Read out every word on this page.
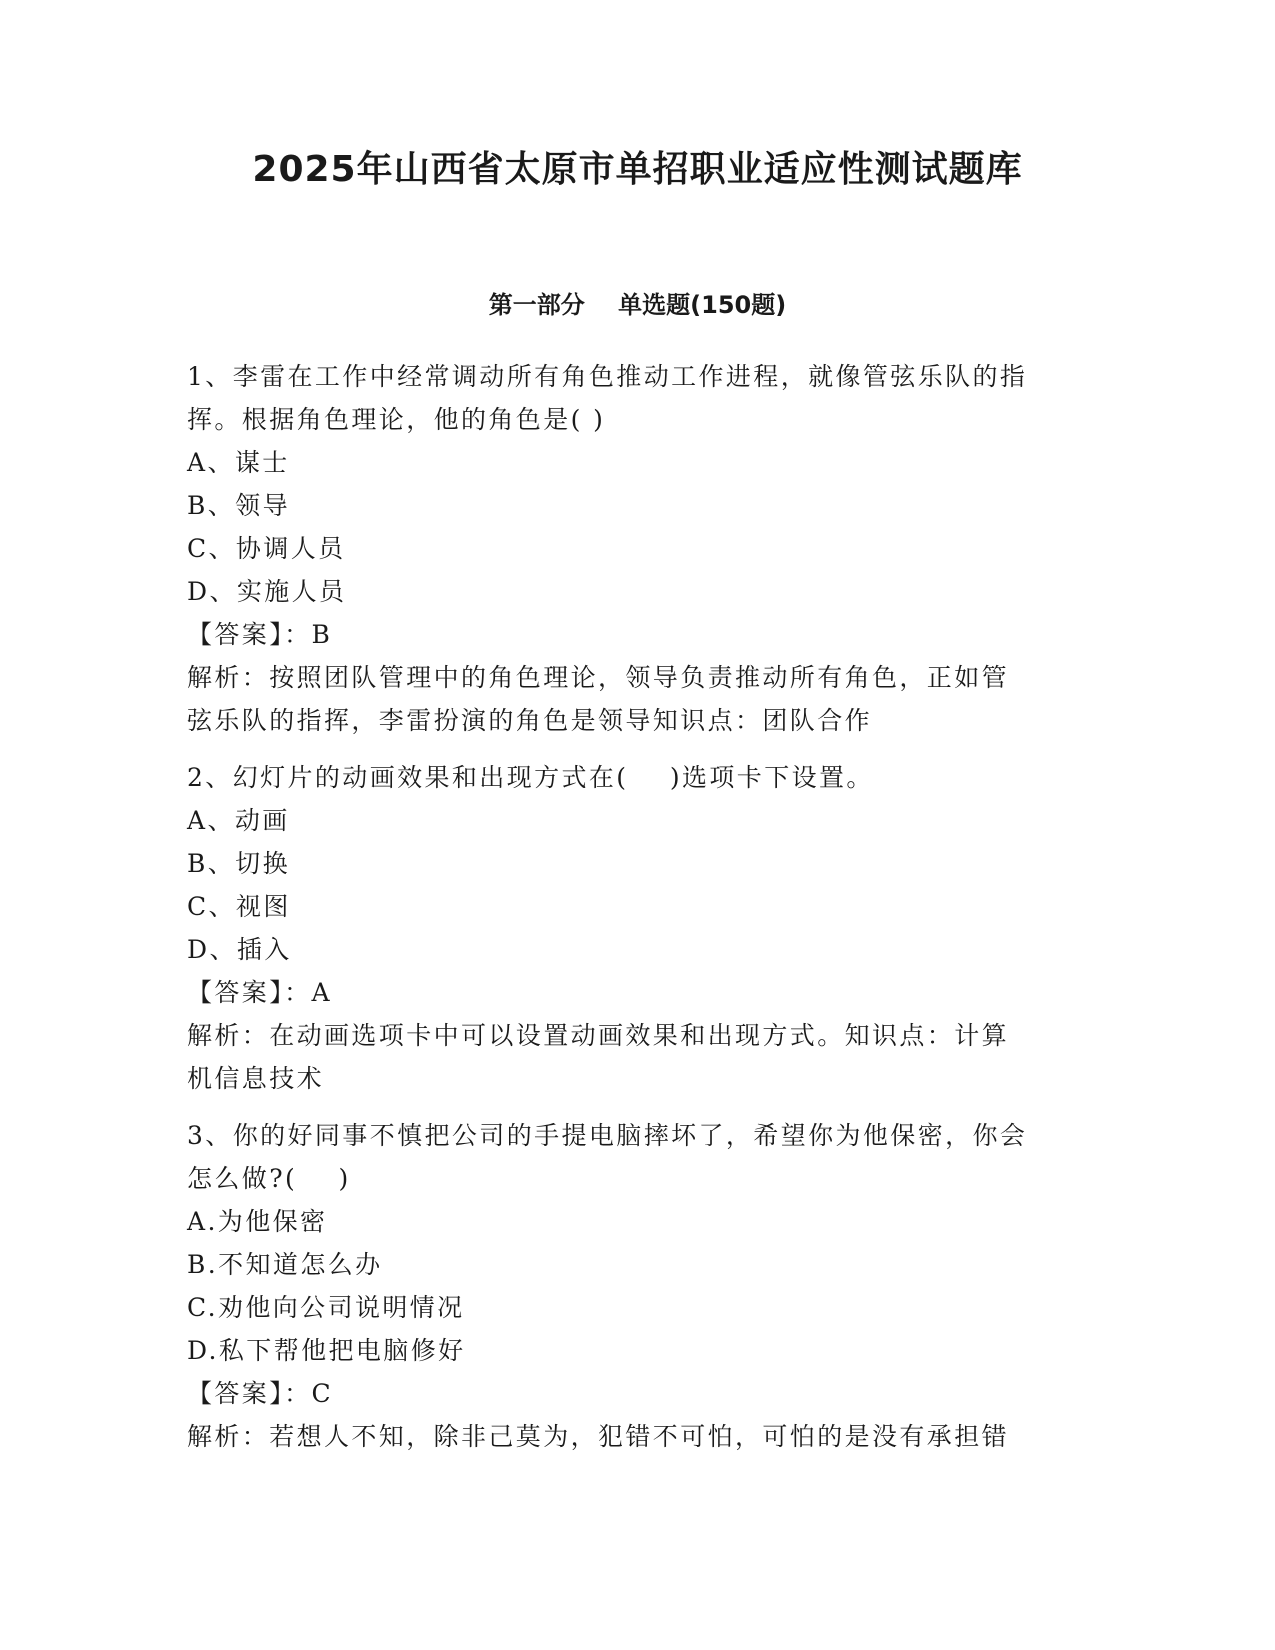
2025年山西省太原市单招职业适应性测试题库
第一部分    单选题(150题)

1、李雷在工作中经常调动所有角色推动工作进程，就像管弦乐队的指

挥。根据角色理论，他的角色是( )

A、谋士

B、领导

C、协调人员

D、实施人员

【答案】：B

解析：按照团队管理中的角色理论，领导负责推动所有角色，正如管

弦乐队的指挥，李雷扮演的角色是领导知识点：团队合作

2、幻灯片的动画效果和出现方式在(    )选项卡下设置。

A、动画

B、切换

C、视图

D、插入

【答案】：A

解析：在动画选项卡中可以设置动画效果和出现方式。知识点：计算

机信息技术

3、你的好同事不慎把公司的手提电脑摔坏了，希望你为他保密，你会

怎么做?(    )

A.为他保密

B.不知道怎么办

C.劝他向公司说明情况

D.私下帮他把电脑修好

【答案】：C

解析：若想人不知，除非己莫为，犯错不可怕，可怕的是没有承担错
